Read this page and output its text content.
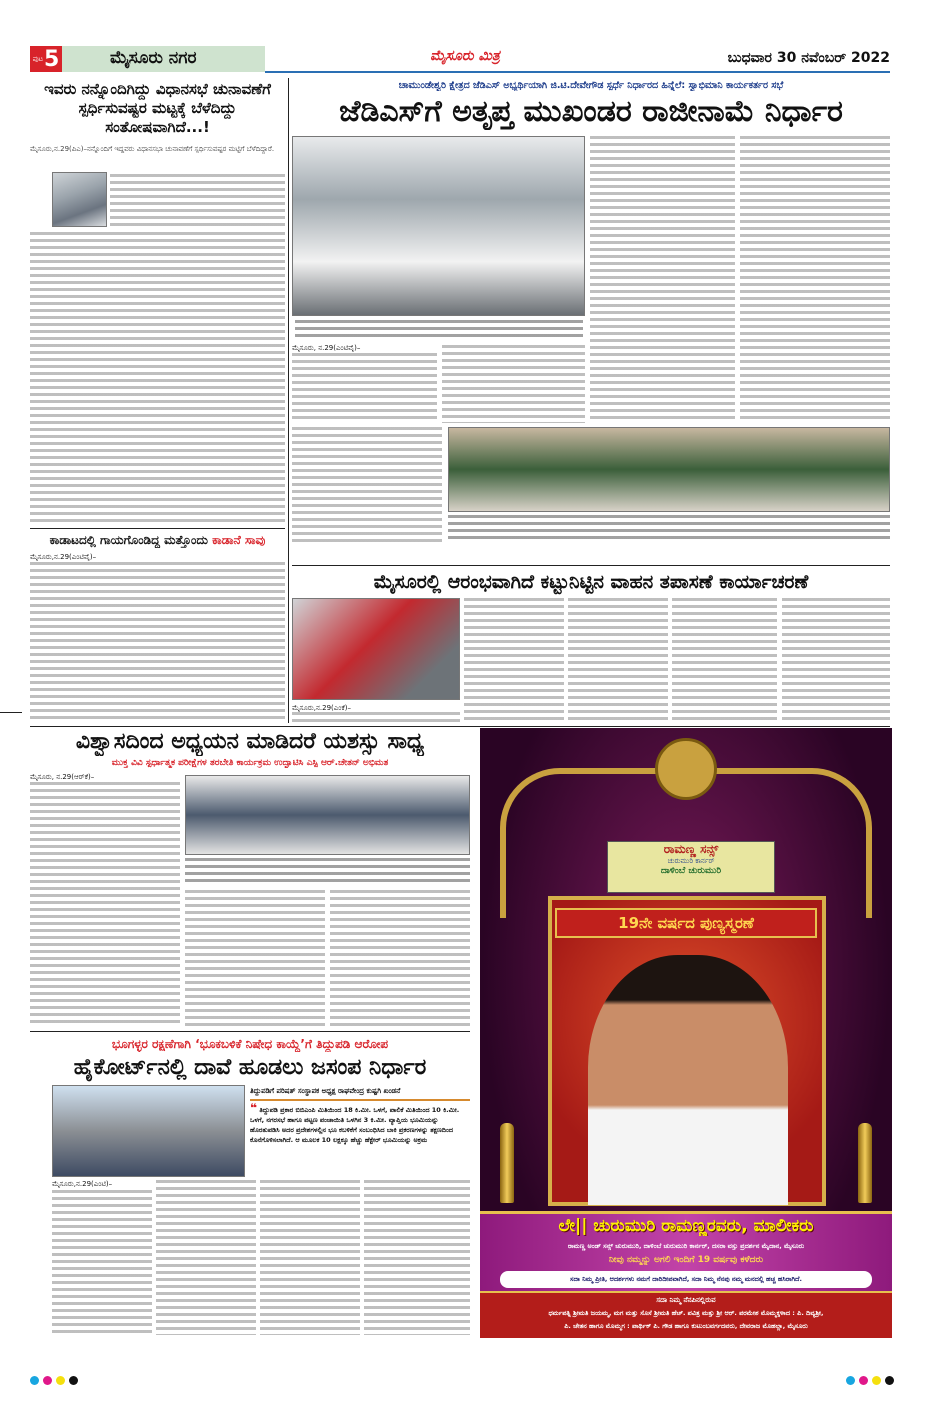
ಪುಟ 5	ಮೈಸೂರು ನಗರ	ಮೈಸೂರು ಮಿತ್ರ	ಬುಧವಾರ 30 ನವೆಂಬರ್ 2022
ಇವರು ನನ್ನೊಂದಿಗಿದ್ದು ವಿಧಾನಸಭೆ ಚುನಾವಣೆಗೆ ಸ್ಪರ್ಧಿಸುವಷ್ಟರ ಮಟ್ಟಕ್ಕೆ ಬೆಳೆದಿದ್ದು ಸಂತೋಷವಾಗಿದೆ...!
ಮೈಸೂರು,ನ.29(ಪಿಎ)–ನನ್ನೊಂದಿಗೆ ಇದ್ದವರು ವಿಧಾನಸಭಾ ಚುನಾವಣೆಗೆ ಸ್ಪರ್ಧಿಸುವಷ್ಟರ ಮಟ್ಟಿಗೆ ಬೆಳೆದಿದ್ದಾರೆ.
ಚಾಮುಂಡೇಶ್ವರಿ ಕ್ಷೇತ್ರದ ಜೆಡಿಎಸ್ ಅಭ್ಯರ್ಥಿಯಾಗಿ ಜಿ.ಟಿ.ದೇವೇಗೌಡ ಸ್ಪರ್ಧೆ ನಿರ್ಧಾರದ ಹಿನ್ನೆಲೆ: ಸ್ವಾಭಿಮಾನಿ ಕಾರ್ಯಕರ್ತರ ಸಭೆ
ಜೆಡಿಎಸ್‌ಗೆ ಅತೃಪ್ತ ಮುಖಂಡರ ರಾಜೀನಾಮೆ ನಿರ್ಧಾರ
ಮೈಸೂರು, ನ.29(ಎಂಟಿವೈ)–
ಕಾಡಾಟದಲ್ಲಿ ಗಾಯಗೊಂಡಿದ್ದ ಮತ್ತೊಂದು ಕಾಡಾನೆ ಸಾವು
ಮೈಸೂರು,ನ.29(ಎಂಟಿವೈ)–
ಮೈಸೂರಲ್ಲಿ ಆರಂಭವಾಗಿದೆ ಕಟ್ಟುನಿಟ್ಟಿನ ವಾಹನ ತಪಾಸಣೆ ಕಾರ್ಯಾಚರಣೆ
ಮೈಸೂರು,ನ.29(ಎಂಕೆ)–
ವಿಶ್ವಾಸದಿಂದ ಅಧ್ಯಯನ ಮಾಡಿದರೆ ಯಶಸ್ಸು ಸಾಧ್ಯ
ಮುಕ್ತ ವಿವಿ ಸ್ಪರ್ಧಾತ್ಮಕ ಪರೀಕ್ಷೆಗಳ ತರಬೇತಿ ಕಾರ್ಯಕ್ರಮ ಉದ್ಘಾಟಿಸಿ ಎಸ್ಪಿ ಆರ್.ಚೇತನ್ ಅಭಿಮತ
ಮೈಸೂರು, ನ.29(ಆರ್‌ಕೆ)–
ಭೂಗಳ್ಳರ ರಕ್ಷಣೆಗಾಗಿ ‘ಭೂಕಬಳಿಕೆ ನಿಷೇಧ ಕಾಯ್ದೆ’ಗೆ ತಿದ್ದುಪಡಿ ಆರೋಪ
ಹೈಕೋರ್ಟ್‌ನಲ್ಲಿ ದಾವೆ ಹೂಡಲು ಜಸಂಪ ನಿರ್ಧಾರ
ತಿದ್ದುಪಡಿಗೆ ಪರಿಷತ್ ಸಂಸ್ಥಾಪಕ ಅಧ್ಯಕ್ಷ ರಾಘವೇಂದ್ರ ಕುಷ್ಟಗಿ ಖಂಡನೆ
❝ ತಿದ್ದುಪಡಿ ಪ್ರಕಾರ ಬಿಬಿಎಂಪಿ ಮಿತಿಯಿಂದ 18 ಕಿ.ಮೀ. ಒಳಗೆ, ಪಾಲಿಕೆ ಮಿತಿಯಿಂದ 10 ಕಿ.ಮೀ. ಒಳಗೆ, ನಗರಸಭೆ ಹಾಗೂ ಪಟ್ಟಣ ಪಂಚಾಯಿತಿ ಒಳಗಿನ 3 ಕಿ.ಮೀ. ವ್ಯಾಪ್ತಿಯ ಭೂಮಿಯನ್ನು ಹೊರತುಪಡಿಸಿ ಅದರ ಪ್ರದೇಶಗಳಲ್ಲಿನ ಭೂ ಕಬಳಿಕೆಗೆ ಸಂಬಂಧಿಸಿದ ಬಾಕಿ ಪ್ರಕರಣಗಳನ್ನು ತಕ್ಷಣದಿಂದ ಕೊನೆಗೊಳಿಸಲಾಗಿದೆ. ಆ ಮೂಲಕ 10 ಲಕ್ಷಕ್ಕೂ ಹೆಚ್ಚು ಹೆಕ್ಟೇರ್ ಭೂಮಿಯನ್ನು ಅಕ್ರಮ
ಮೈಸೂರು,ನ.29(ಎಂಟಿ)–
ರಾಮಣ್ಣ ಸನ್ಸ್
ಚುರುಮುರಿ ಕಾರ್ನರ್
ದಾಳಿಂಬೆ ಚುರುಮುರಿ
19ನೇ ವರ್ಷದ ಪುಣ್ಯಸ್ಮರಣೆ
ಲೇ|| ಚುರುಮುರಿ ರಾಮಣ್ಣರವರು, ಮಾಲೀಕರು
ರಾಮಣ್ಣ ಅಂಡ್ ಸನ್ಸ್ ಚುರುಮುರಿ, ದಾಳಿಂಬೆ ಚುರುಮುರಿ ಕಾರ್ನರ್, ದಸರಾ ವಸ್ತು ಪ್ರದರ್ಶನ ಮೈದಾನ, ಮೈಸೂರು
ನೀವು ನಮ್ಮನ್ನು ಅಗಲಿ ಇಂದಿಗೆ 19 ವರ್ಷವು ಕಳೆದರು
ಸದಾ ನಿಮ್ಮ ಪ್ರೀತಿ, ಆದರ್ಶಗಳು ನಮಗೆ ದಾರಿದೀಪವಾಗಿದೆ, ಸದಾ ನಿಮ್ಮ ನೆನಪು ನಮ್ಮ ಮನದಲ್ಲಿ ಹಚ್ಚ ಹಸಿರಾಗಿದೆ.
ಸದಾ ನಿಮ್ಮ ನೆನಪಿನಲ್ಲಿರುವ
ಧರ್ಮಪತ್ನಿ ಶ್ರೀಮತಿ ಜಯಮ್ಮ, ಮಗ ಮತ್ತು ಸೊಸೆ ಶ್ರೀಮತಿ ಹೆಚ್. ಪವಿತ್ರ ಮತ್ತು ಶ್ರೀ ಆರ್. ಪರಮೇಶ ಮೊಮ್ಮಕ್ಕಳಾದ : ಪಿ. ದಿವ್ಯಶ್ರೀ,
ಪಿ. ಚೇತನ ಹಾಗೂ ಮೊಮ್ಮಗ : ಪಾರ್ಥಿಕ್ ಪಿ. ಗೌಡ ಹಾಗೂ ಕುಟುಂಬವರ್ಗದವರು, ದೇವರಾಜ ಮೊಹಲ್ಲಾ, ಮೈಸೂರು
